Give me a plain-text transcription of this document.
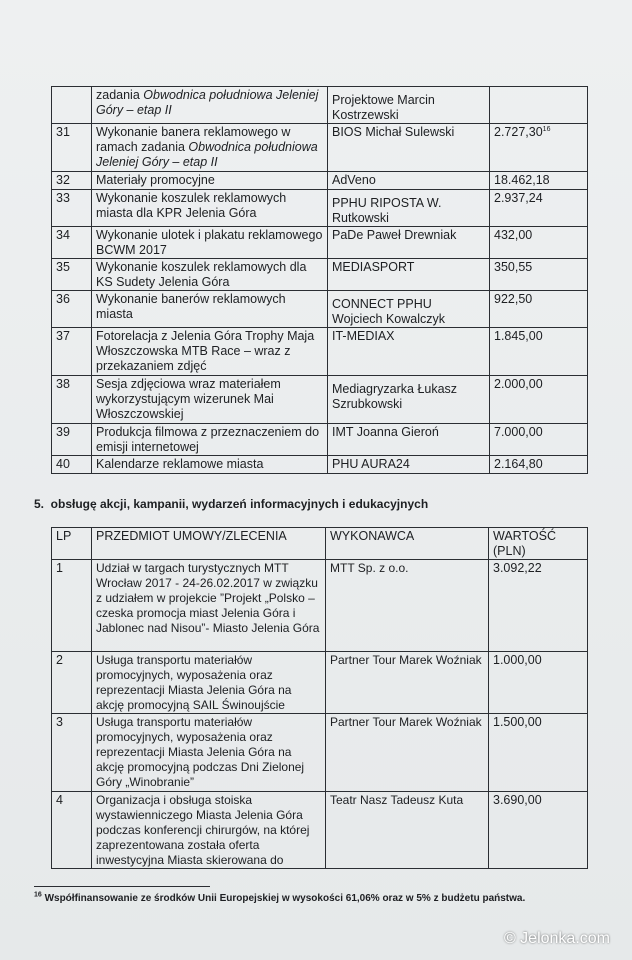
	zadania Obwodnica południowa Jeleniej Góry – etap II	Projektowe Marcin Kostrzewski	
31	Wykonanie banera reklamowego w ramach zadania Obwodnica południowa Jeleniej Góry – etap II	BIOS Michał Sulewski	2.727,30$^{16}$
32	Materiały promocyjne	AdVeno	18.462,18
33	Wykonanie koszulek reklamowych miasta dla KPR Jelenia Góra	PPHU RIPOSTA W. Rutkowski	2.937,24
34	Wykonanie ulotek i plakatu reklamowego BCWM 2017	PaDe Paweł Drewniak	432,00
35	Wykonanie koszulek reklamowych dla KS Sudety Jelenia Góra	MEDIASPORT	350,55
36	Wykonanie banerów reklamowych miasta	CONNECT PPHU Wojciech Kowalczyk	922,50
37	Fotorelacja z Jelenia Góra Trophy Maja Włoszczowska MTB Race – wraz z przekazaniem zdjęć	IT-MEDIAX	1.845,00
38	Sesja zdjęciowa wraz materiałem wykorzystującym wizerunek Mai Włoszczowskiej	Mediagryzarka Łukasz Szrubkowski	2.000,00
39	Produkcja filmowa z przeznaczeniem do emisji internetowej	IMT Joanna Gieroń	7.000,00
40	Kalendarze reklamowe miasta	PHU AURA24	2.164,80
5.  obsługę akcji, kampanii, wydarzeń informacyjnych i edukacyjnych
LP	PRZEDMIOT UMOWY/ZLECENIA	WYKONAWCA	WARTOŚĆ (PLN)
1	Udział w targach turystycznych MTT Wrocław 2017 - 24-26.02.2017 w związku z udziałem w projekcie ”Projekt „Polsko – czeska promocja miast Jelenia Góra i Jablonec nad Nisou”- Miasto Jelenia Góra	MTT Sp. z o.o.	3.092,22
2	Usługa transportu materiałów promocyjnych, wyposażenia oraz reprezentacji Miasta Jelenia Góra na akcję promocyjną SAIL Świnoujście	Partner Tour Marek Woźniak	1.000,00
3	Usługa transportu materiałów promocyjnych, wyposażenia oraz reprezentacji Miasta Jelenia Góra na akcję promocyjną podczas Dni Zielonej Góry „Winobranie”	Partner Tour Marek Woźniak	1.500,00
4	Organizacja i obsługa stoiska wystawienniczego Miasta Jelenia Góra podczas konferencji chirurgów, na której zaprezentowana została oferta inwestycyjna Miasta skierowana do	Teatr Nasz Tadeusz Kuta	3.690,00
$^{16}$ Współfinansowanie ze środków Unii Europejskiej w wysokości 61,06% oraz w 5% z budżetu państwa.
© Jelonka.com
